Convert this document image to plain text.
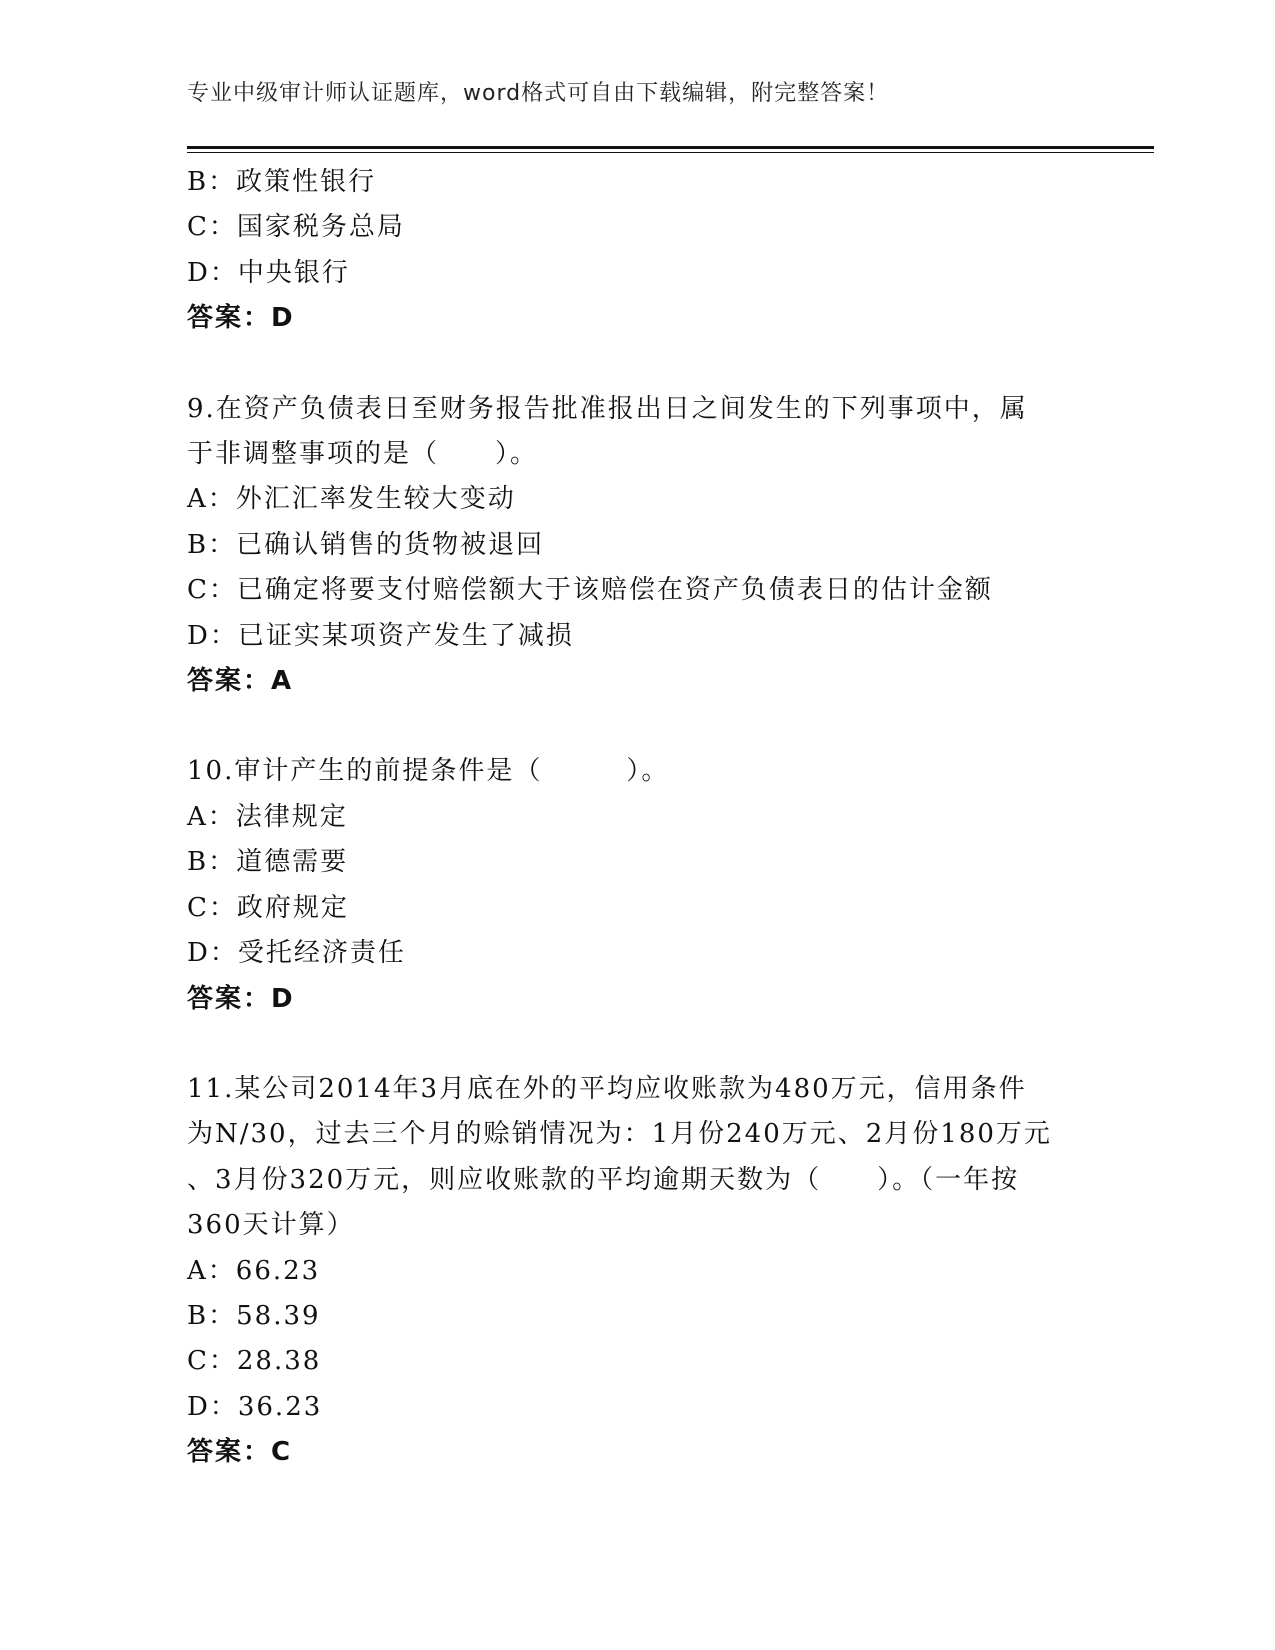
专业中级审计师认证题库，word格式可自由下载编辑，附完整答案！
B：政策性银行
C：国家税务总局
D：中央银行
答案：D
9.在资产负债表日至财务报告批准报出日之间发生的下列事项中，属
于非调整事项的是（　　）。
A：外汇汇率发生较大变动
B：已确认销售的货物被退回
C：已确定将要支付赔偿额大于该赔偿在资产负债表日的估计金额
D：已证实某项资产发生了减损
答案：A
10.审计产生的前提条件是（　　　）。
A：法律规定
B：道德需要
C：政府规定
D：受托经济责任
答案：D
11.某公司2014年3月底在外的平均应收账款为480万元，信用条件
为N/30，过去三个月的赊销情况为：1月份240万元、2月份180万元
、3月份320万元，则应收账款的平均逾期天数为（　　）。（一年按
360天计算）
A：66.23
B：58.39
C：28.38
D：36.23
答案：C
